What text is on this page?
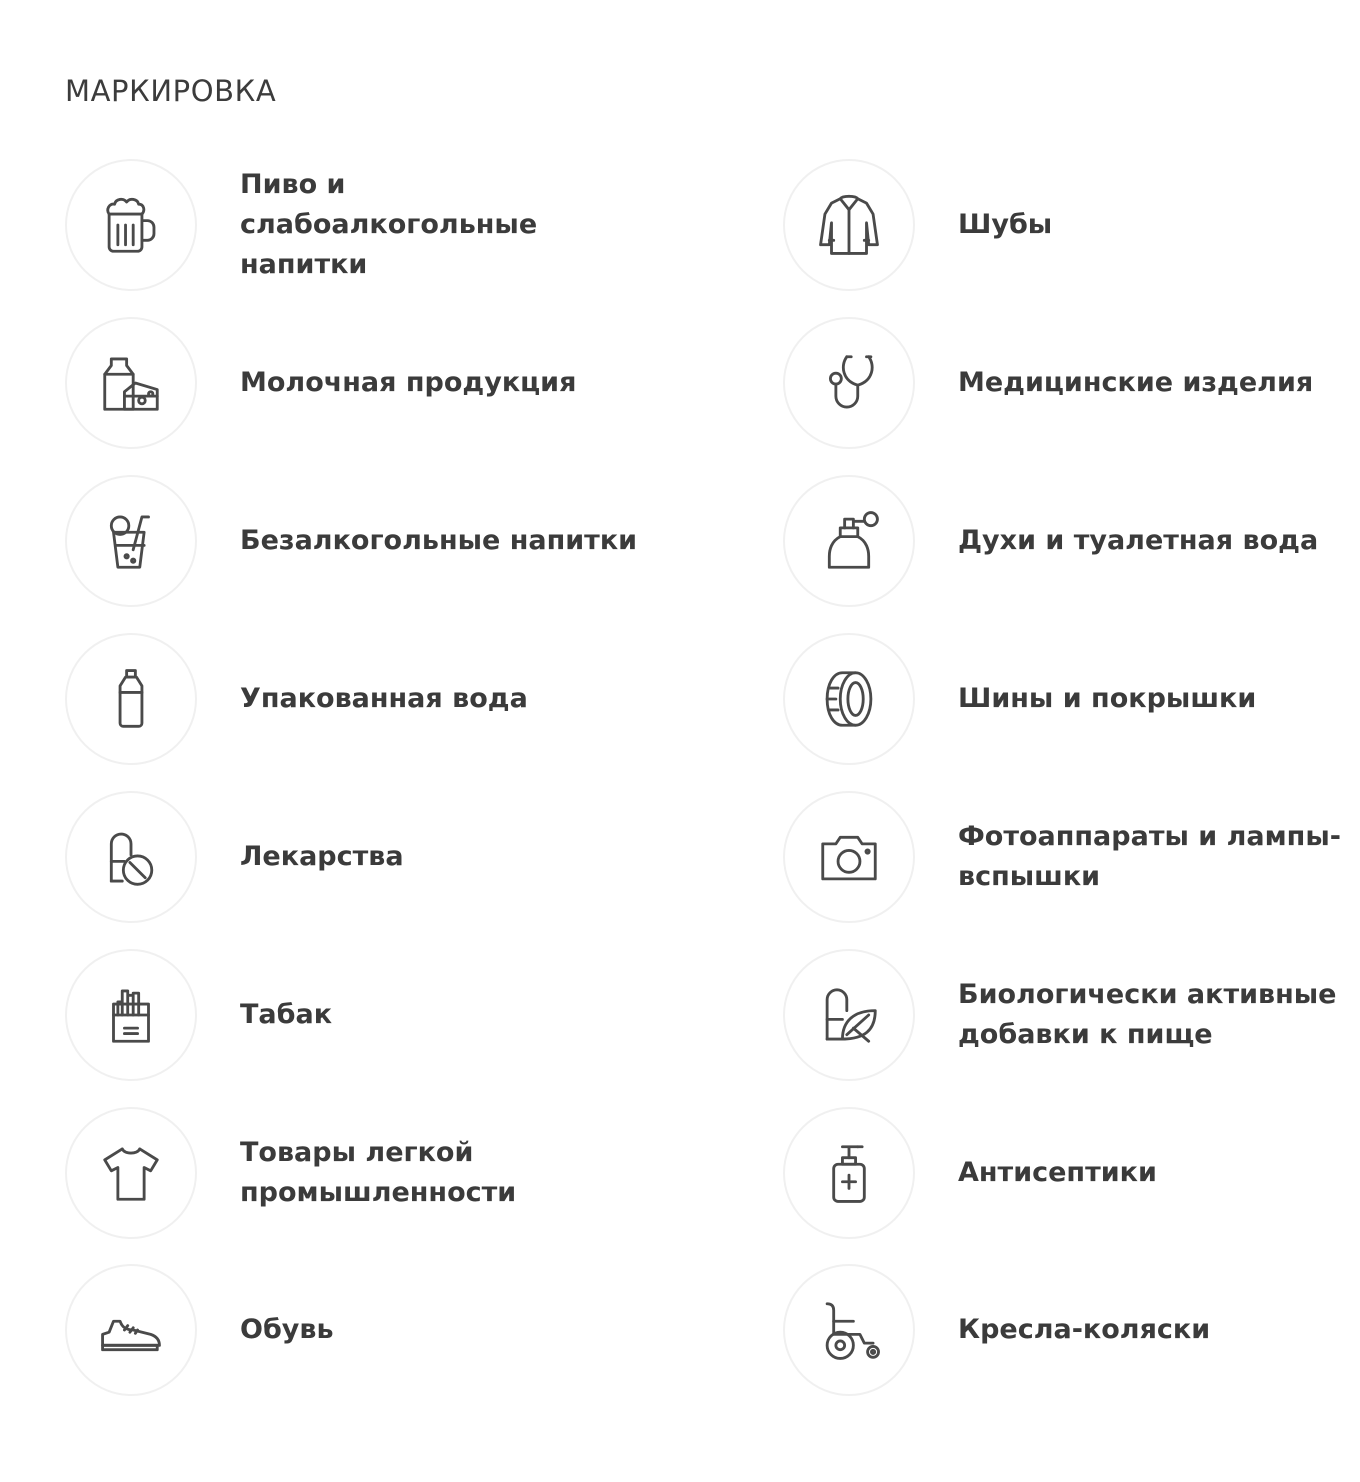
МАРКИРОВКА
Пиво и слабоалкогольные напитки
Молочная продукция
Безалкогольные напитки
Упакованная вода
Лекарства
Табак
Товары легкой промышленности
Обувь
Шубы
Медицинские изделия
Духи и туалетная вода
Шины и покрышки
Фотоаппараты и лампы-вспышки
Биологически активные добавки к пище
Антисептики
Кресла-коляски
